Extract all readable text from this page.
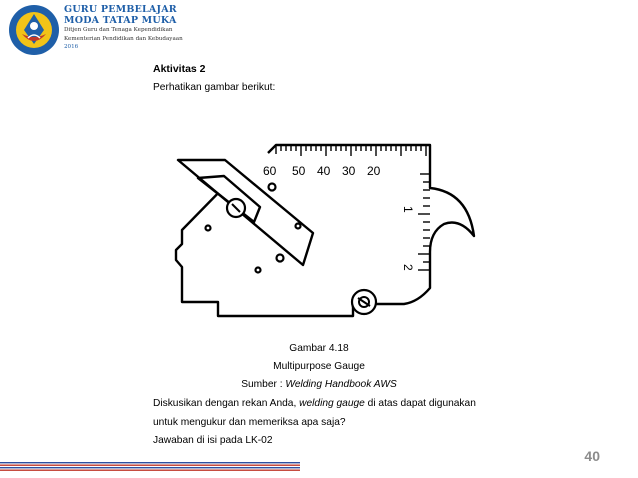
GURU PEMBELAJAR
MODA TATAP MUKA
Ditjen Guru dan Tenaga Kependidikan
Kementerian Pendidikan dan Kebudayaan
2016
Aktivitas 2
Perhatikan gambar berikut:
60 50 40 30 20
1
2
Gambar 4.18
Multipurpose Gauge
Sumber : Welding Handbook AWS
Diskusikan dengan rekan Anda, welding gauge di atas dapat digunakan
untuk mengukur dan memeriksa apa saja?
Jawaban di isi pada LK-02
40
